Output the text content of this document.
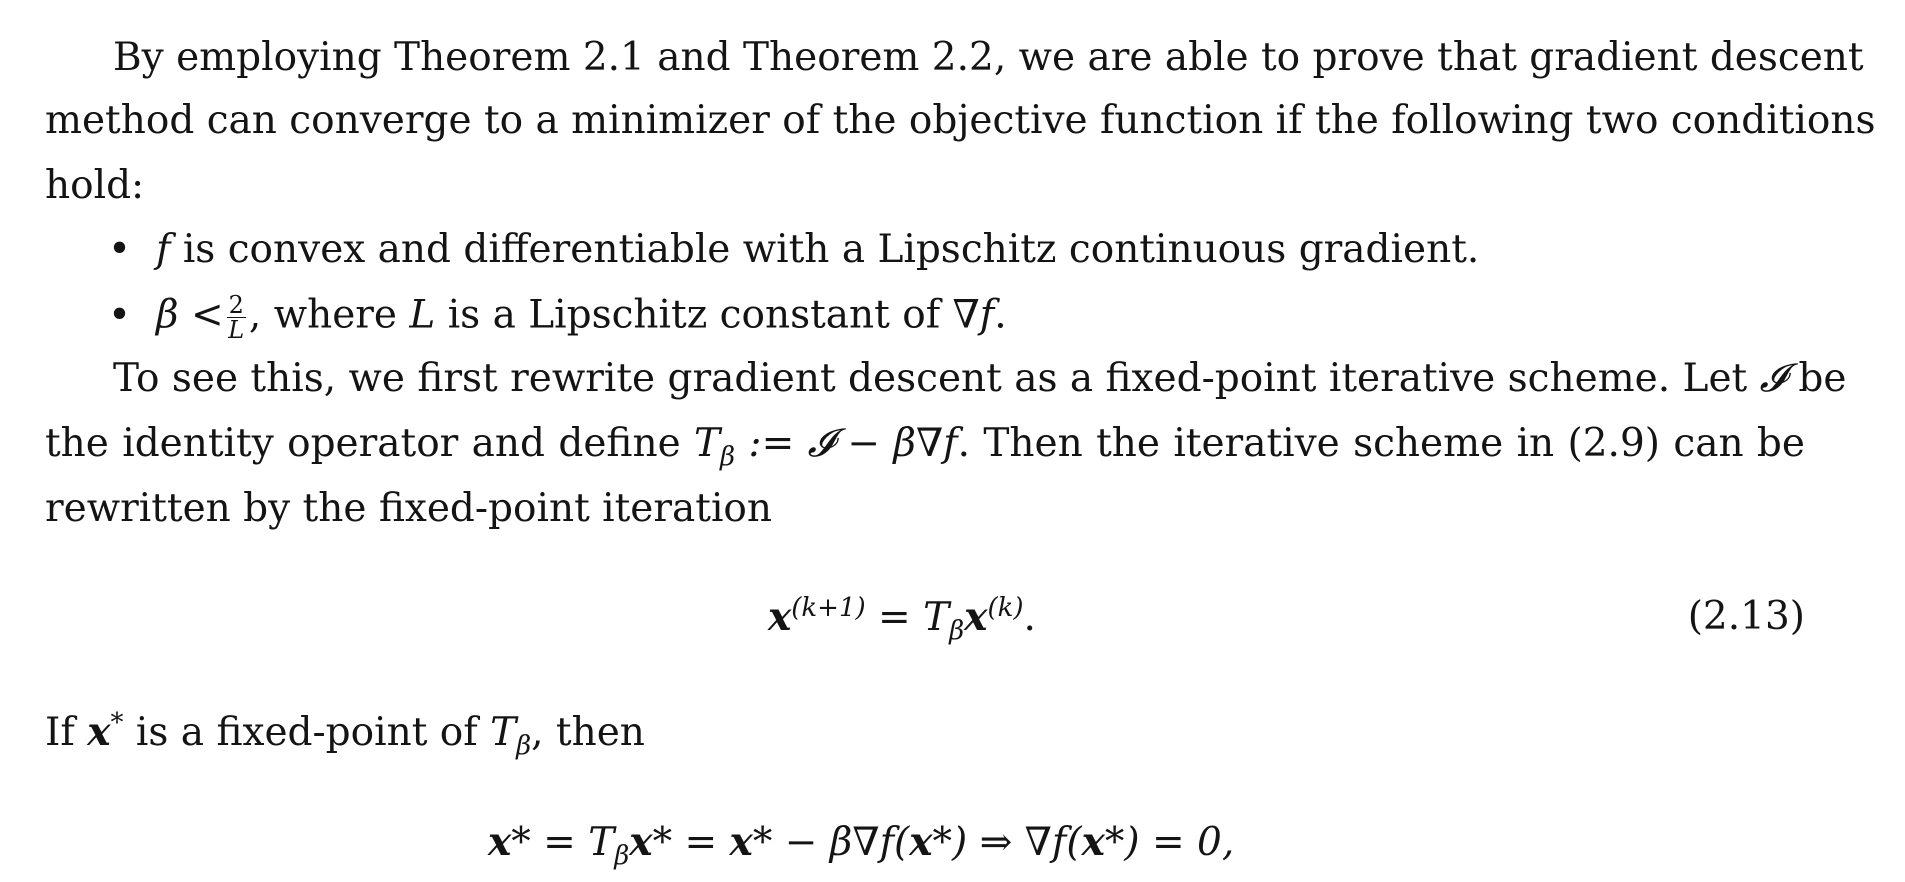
By employing Theorem 2.1 and Theorem 2.2, we are able to prove that gradient descent
method can converge to a minimizer of the objective function if the following two conditions
hold:
• f is convex and differentiable with a Lipschitz continuous gradient.
• $\beta < \frac{2}{L}$ , where L is a Lipschitz constant of ∇f.
To see this, we first rewrite gradient descent as a fixed-point iterative scheme. Let 𝓘 be
the identity operator and define $T_\beta$ := 𝓘 − β∇f. Then the iterative scheme in (2.9) can be
rewritten by the fixed-point iteration
$x^{(k+1)} = T_\beta x^{(k)}$.	(2.13)
If x* is a fixed-point of $T_\beta$, then
$x* = T_\beta x* = x* - \beta\nabla f(x*)$ ⇒ ∇f(x*) = 0,
